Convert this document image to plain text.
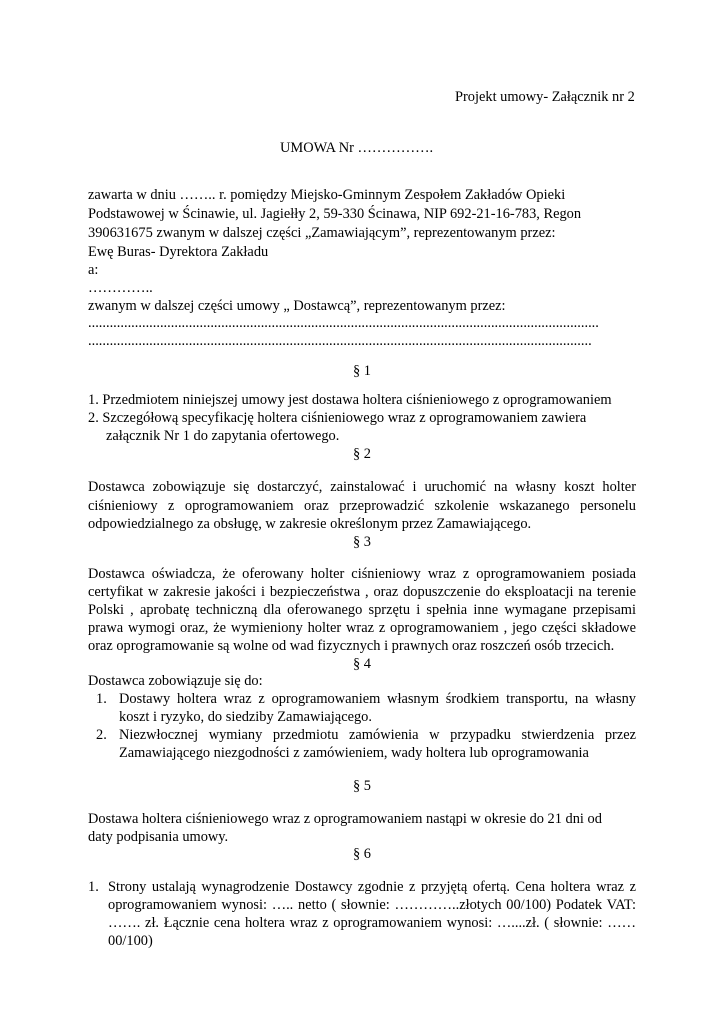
Projekt umowy- Załącznik nr 2
UMOWA Nr …………….
zawarta w dniu …….. r. pomiędzy Miejsko-Gminnym Zespołem Zakładów Opieki
Podstawowej w Ścinawie, ul. Jagiełły 2, 59-330 Ścinawa, NIP 692-21-16-783, Regon
390631675 zwanym w dalszej części „Zamawiającym”, reprezentowanym przez:
Ewę Buras- Dyrektora Zakładu
a:
…………..
zwanym w dalszej części umowy „ Dostawcą”, reprezentowanym przez:
..............................................................................................................................................
............................................................................................................................................
§ 1
1. Przedmiotem niniejszej umowy jest dostawa holtera ciśnieniowego z oprogramowaniem
2. Szczegółową specyfikację holtera ciśnieniowego wraz z oprogramowaniem zawiera
załącznik Nr 1 do zapytania ofertowego.
§ 2
Dostawca zobowiązuje się dostarczyć, zainstalować i uruchomić na własny koszt holter
ciśnieniowy z oprogramowaniem oraz przeprowadzić szkolenie wskazanego personelu
odpowiedzialnego za obsługę, w zakresie określonym przez Zamawiającego.
§ 3
Dostawca oświadcza, że oferowany holter ciśnieniowy wraz z oprogramowaniem posiada
certyfikat w zakresie jakości i bezpieczeństwa , oraz dopuszczenie do eksploatacji na terenie
Polski , aprobatę techniczną dla oferowanego sprzętu i spełnia inne wymagane przepisami
prawa wymogi oraz, że wymieniony holter wraz z oprogramowaniem , jego części składowe
oraz oprogramowanie są wolne od wad fizycznych i prawnych oraz roszczeń osób trzecich.
§ 4
Dostawca zobowiązuje się do:
1. Dostawy holtera wraz z oprogramowaniem własnym środkiem transportu, na własny
koszt i ryzyko, do siedziby Zamawiającego.
2. Niezwłocznej wymiany przedmiotu zamówienia w przypadku stwierdzenia przez
Zamawiającego niezgodności z zamówieniem, wady holtera lub oprogramowania
§ 5
Dostawa holtera ciśnieniowego wraz z oprogramowaniem nastąpi w okresie do 21 dni od
daty podpisania umowy.
§ 6
1. Strony ustalają wynagrodzenie Dostawcy zgodnie z przyjętą ofertą. Cena holtera wraz z
oprogramowaniem wynosi: ….. netto ( słownie: …………..złotych 00/100) Podatek VAT:
……. zł. Łącznie cena holtera wraz z oprogramowaniem wynosi: …....zł. ( słownie: ……
00/100)
